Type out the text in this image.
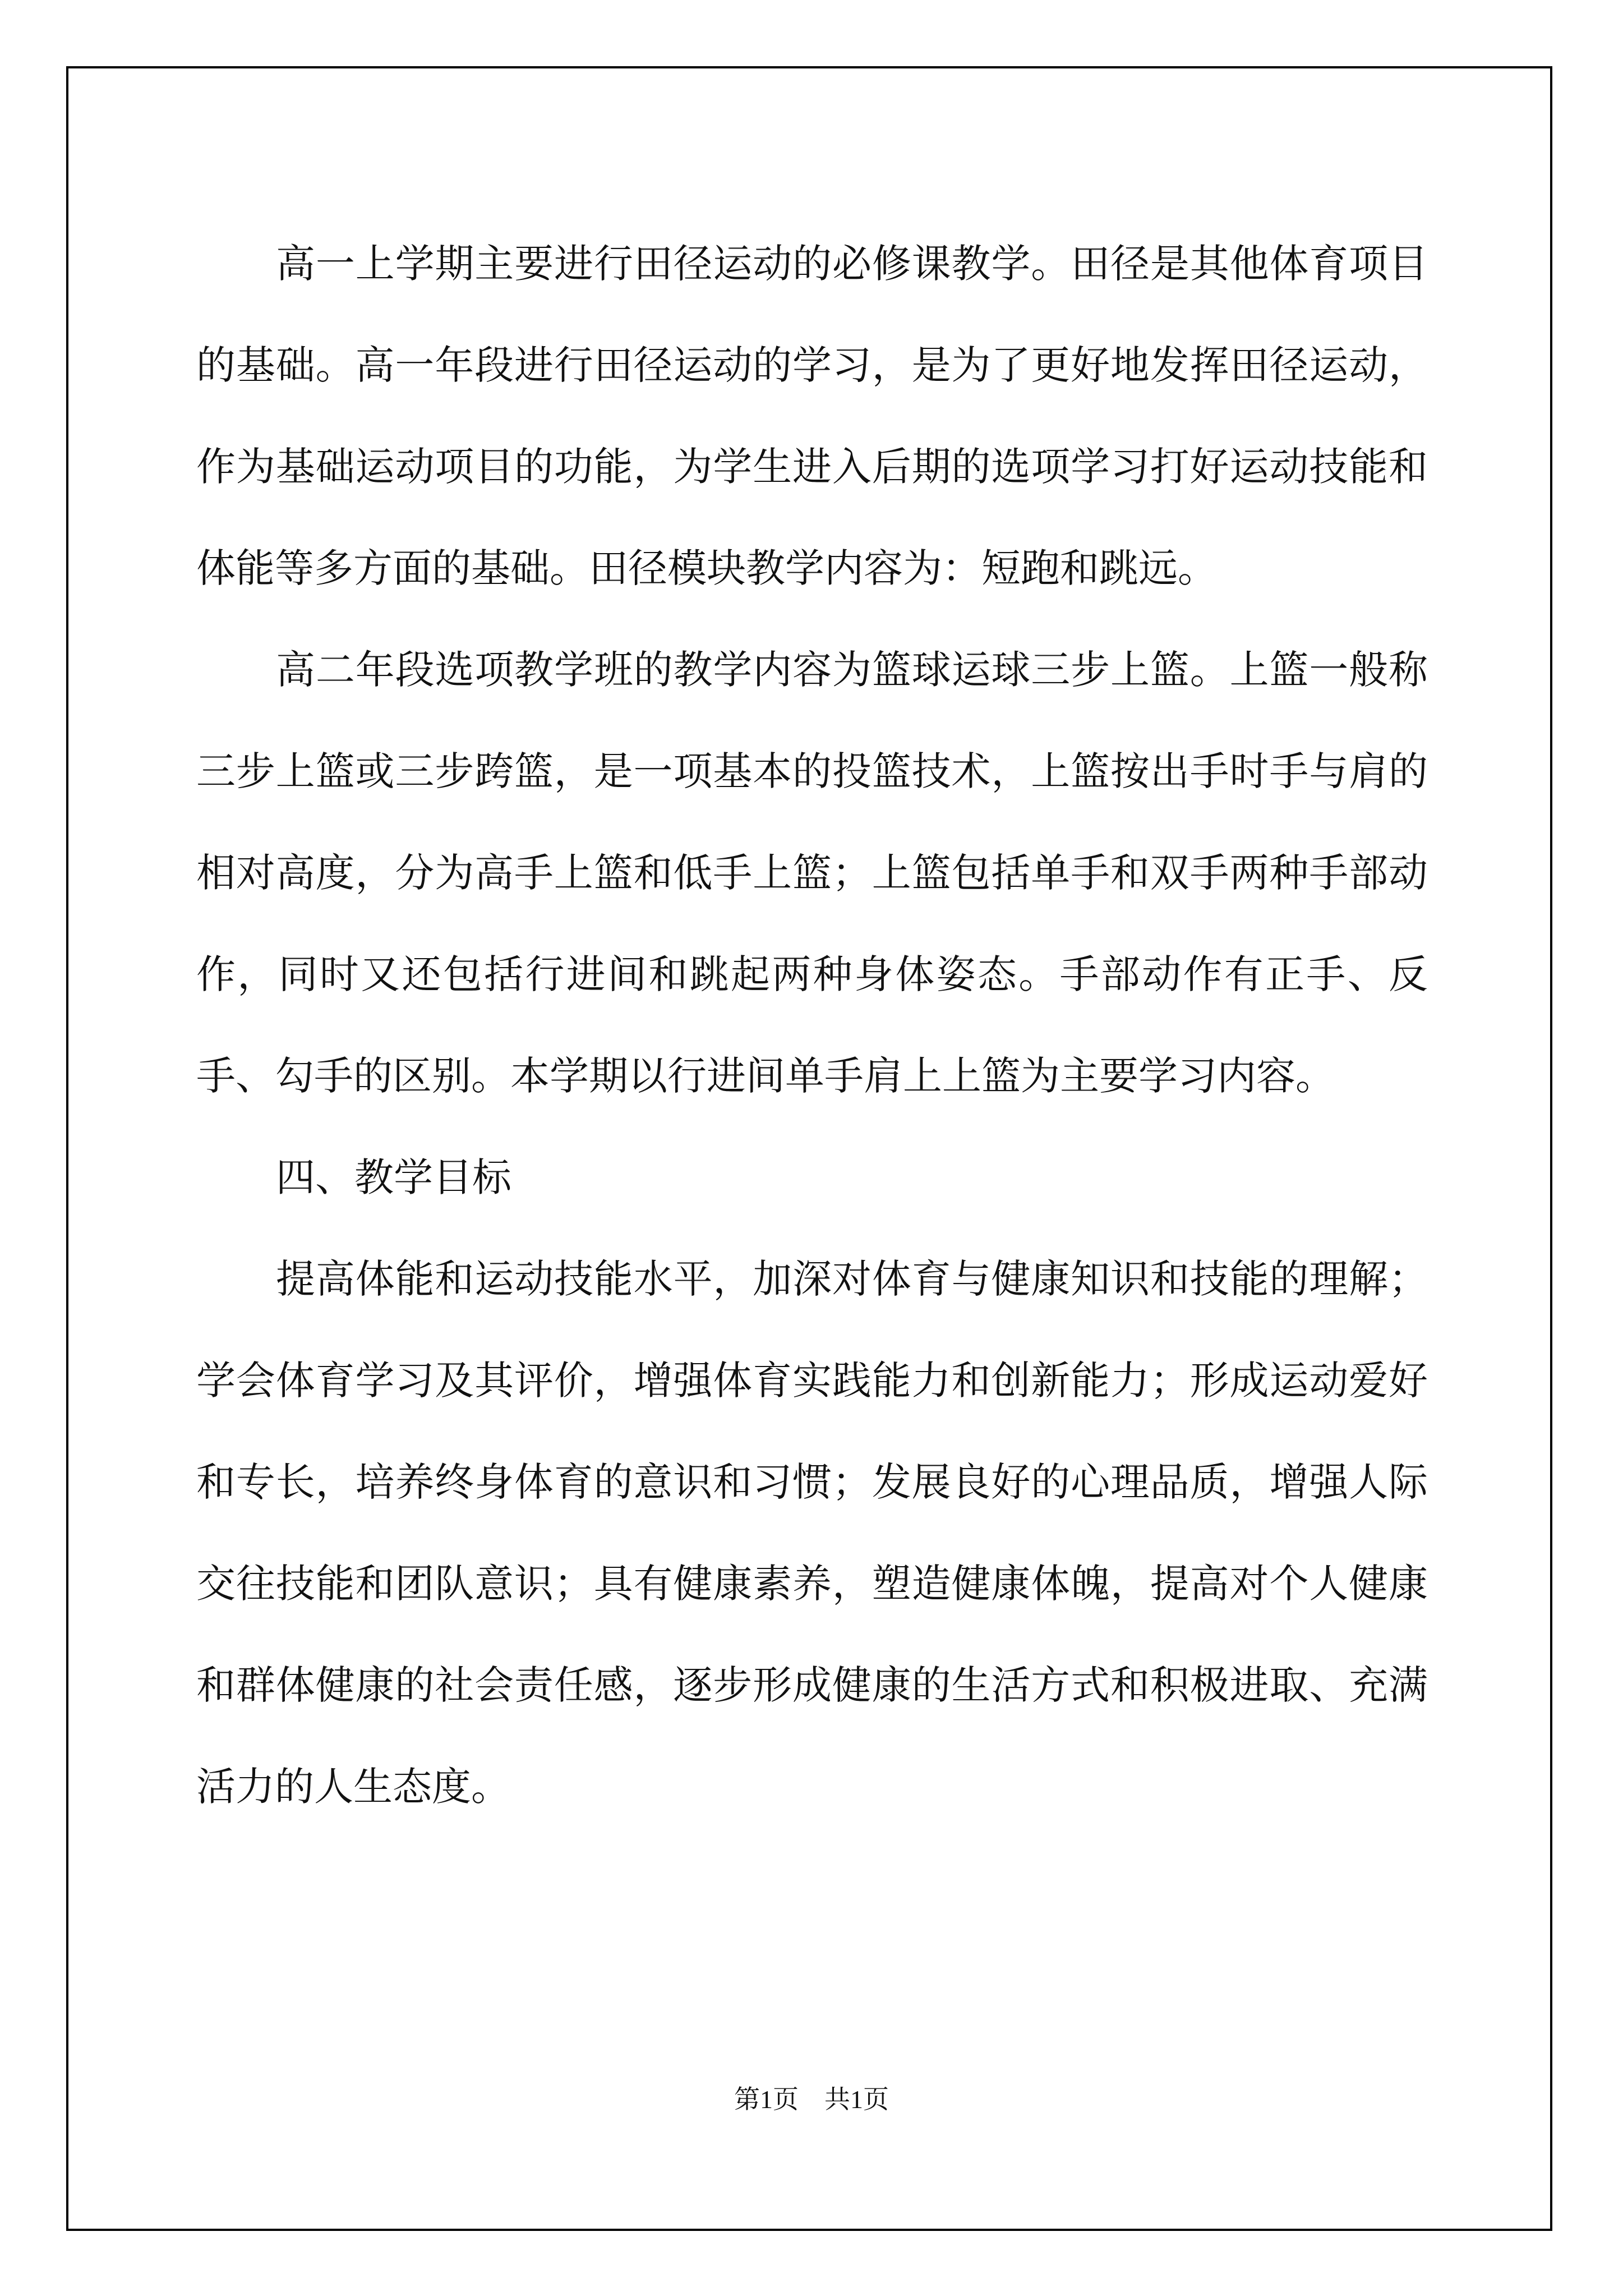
高一上学期主要进行田径运动的必修课教学。田径是其他体育项目的基础。高一年段进行田径运动的学习，是为了更好地发挥田径运动，作为基础运动项目的功能，为学生进入后期的选项学习打好运动技能和体能等多方面的基础。田径模块教学内容为：短跑和跳远。

高二年段选项教学班的教学内容为篮球运球三步上篮。上篮一般称三步上篮或三步跨篮，是一项基本的投篮技术，上篮按出手时手与肩的相对高度，分为高手上篮和低手上篮；上篮包括单手和双手两种手部动作，同时又还包括行进间和跳起两种身体姿态。手部动作有正手、反手、勾手的区别。本学期以行进间单手肩上上篮为主要学习内容。

四、教学目标

提高体能和运动技能水平，加深对体育与健康知识和技能的理解；学会体育学习及其评价，增强体育实践能力和创新能力；形成运动爱好和专长，培养终身体育的意识和习惯；发展良好的心理品质，增强人际交往技能和团队意识；具有健康素养，塑造健康体魄，提高对个人健康和群体健康的社会责任感，逐步形成健康的生活方式和积极进取、充满活力的人生态度。

第1页　共1页
